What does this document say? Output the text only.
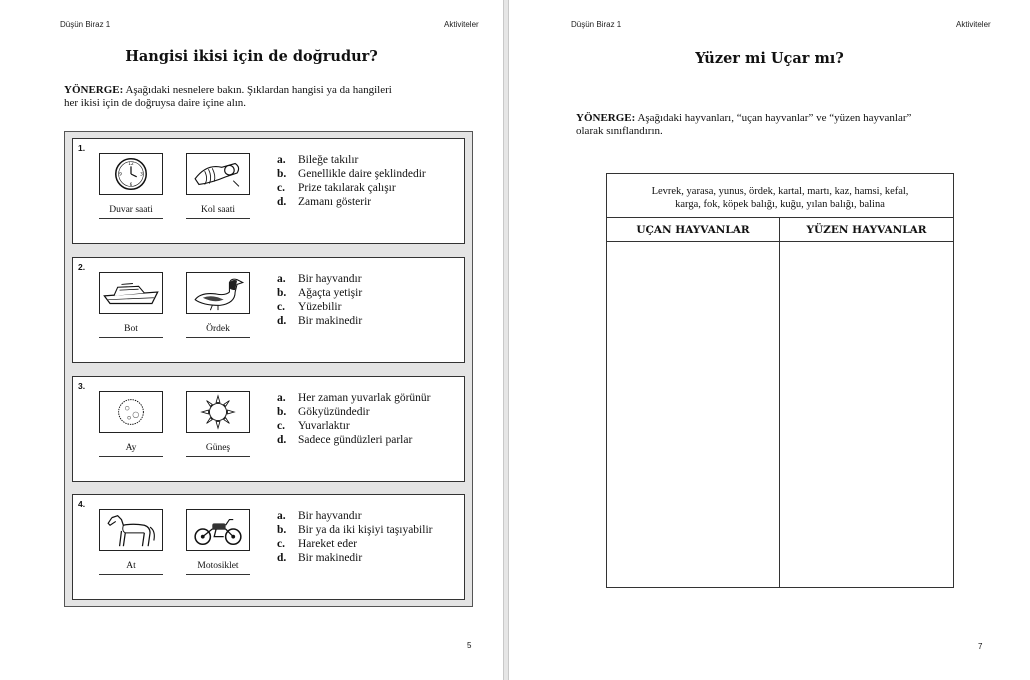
Düşün Biraz 1	Aktiviteler
Hangisi ikisi için de doğrudur?
YÖNERGE: Aşağıdaki nesnelere bakın. Şıklardan hangisi ya da hangileri
her ikisi için de doğruysa daire içine alın.
1.
12
3
6
9
Duvar saati	Kol saati
a. Bileğe takılır
b. Genellikle daire şeklindedir
c. Prize takılarak çalışır
d. Zamanı gösterir
2.
Bot	Ördek
a. Bir hayvandır
b. Ağaçta yetişir
c. Yüzebilir
d. Bir makinedir
3.
Ay	Güneş
a. Her zaman yuvarlak görünür
b. Gökyüzündedir
c. Yuvarlaktır
d. Sadece gündüzleri parlar
4.
At	Motosiklet
a. Bir hayvandır
b. Bir ya da iki kişiyi taşıyabilir
c. Hareket eder
d. Bir makinedir
5
Düşün Biraz 1	Aktiviteler
Yüzer mi Uçar mı?
YÖNERGE: Aşağıdaki hayvanları, “uçan hayvanlar” ve “yüzen hayvanlar”
olarak sınıflandırın.
Levrek, yarasa, yunus, ördek, kartal, martı, kaz, hamsi, kefal,
karga, fok, köpek balığı, kuğu, yılan balığı, balina
UÇAN HAYVANLAR	YÜZEN HAYVANLAR
7
